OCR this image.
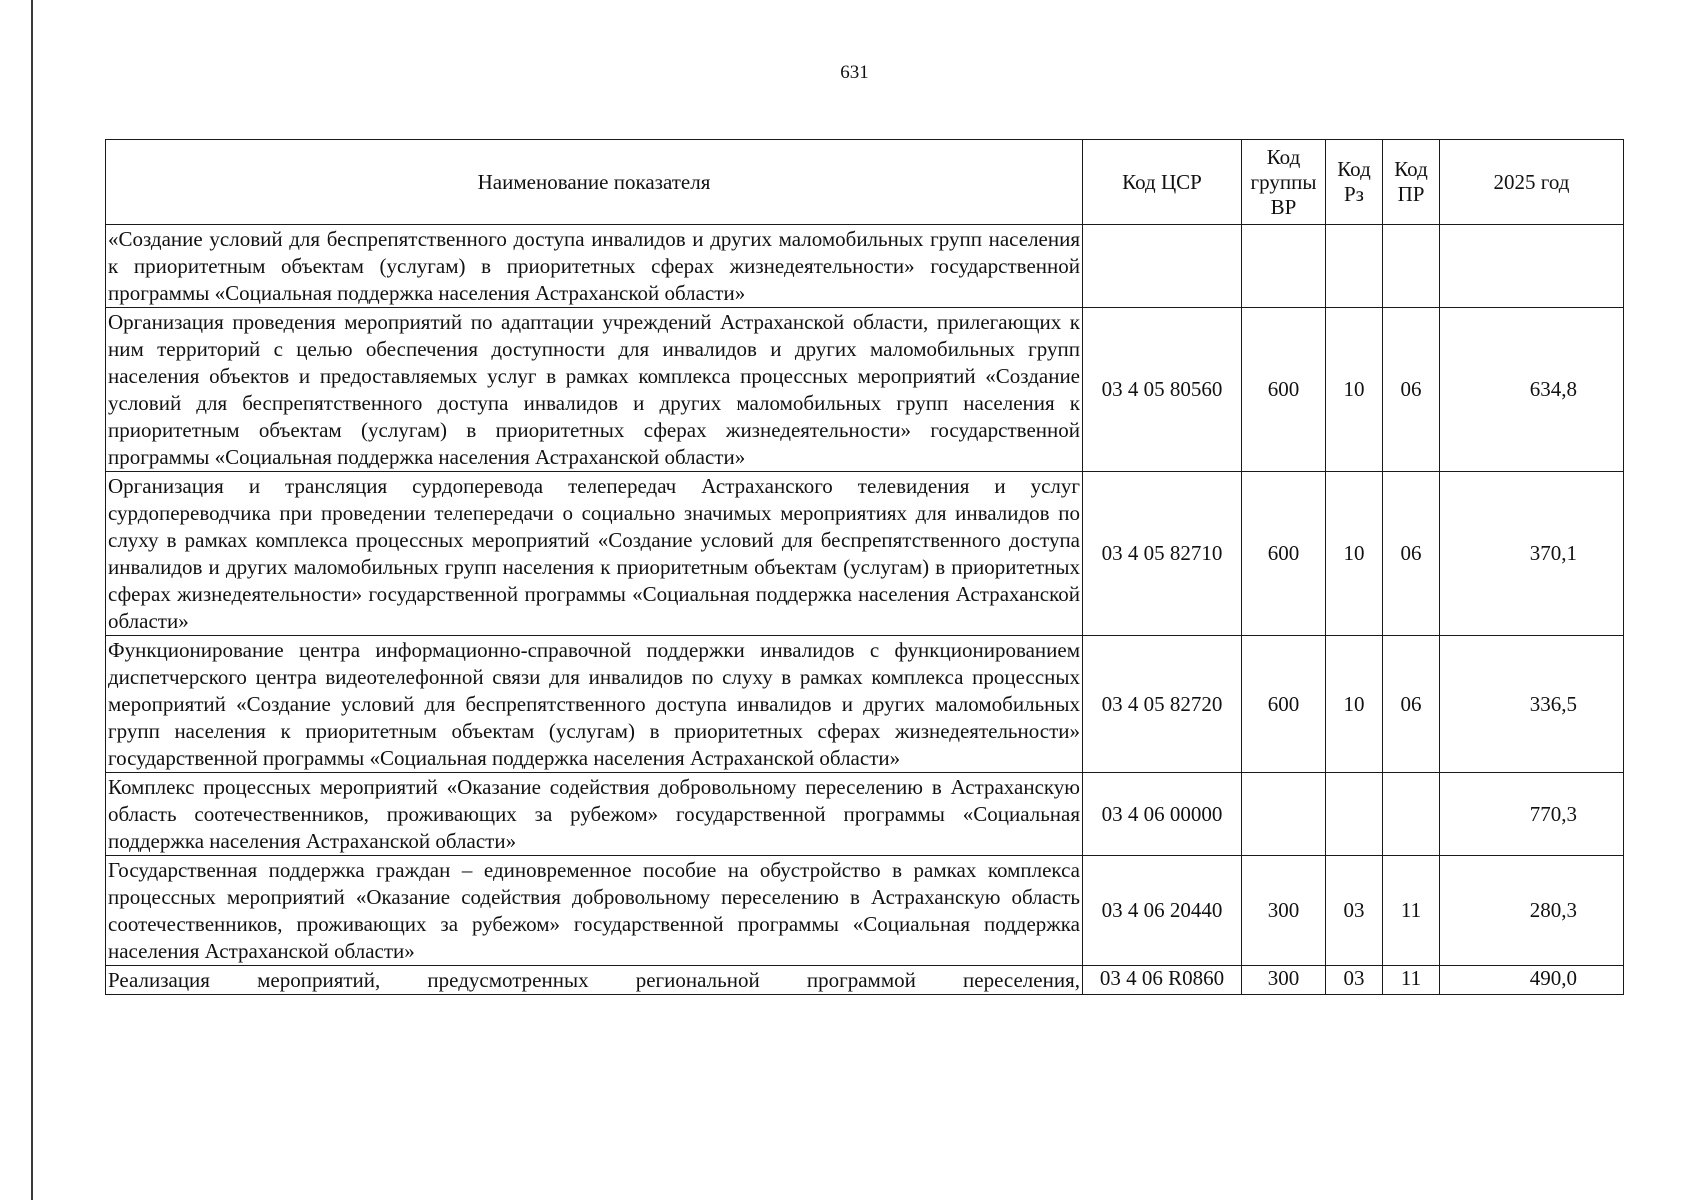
631
Наименование показателя	Код ЦСР	Код группы ВР	Код Рз	Код ПР	2025 год
«Создание условий для беспрепятственного доступа инвалидов и других маломобильных групп населения к приоритетным объектам (услугам) в приоритетных сферах жизнедеятельности» государственной программы «Социальная поддержка населения Астраханской области»					
Организация проведения мероприятий по адаптации учреждений Астраханской области, прилегающих к ним территорий с целью обеспечения доступности для инвалидов и других маломобильных групп населения объектов и предоставляемых услуг в рамках комплекса процессных мероприятий «Создание условий для беспрепятственного доступа инвалидов и других маломобильных групп населения к приоритетным объектам (услугам) в приоритетных сферах жизнедеятельности» государственной программы «Социальная поддержка населения Астраханской области»	03 4 05 80560	600	10	06	634,8
Организация и трансляция сурдоперевода телепередач Астраханского телевидения и услуг сурдопереводчика при проведении телепередачи о социально значимых мероприятиях для инвалидов по слуху в рамках комплекса процессных мероприятий «Создание условий для беспрепятственного доступа инвалидов и других маломобильных групп населения к приоритетным объектам (услугам) в приоритетных сферах жизнедеятельности» государственной программы «Социальная поддержка населения Астраханской области»	03 4 05 82710	600	10	06	370,1
Функционирование центра информационно-справочной поддержки инвалидов с функционированием диспетчерского центра видеотелефонной связи для инвалидов по слуху в рамках комплекса процессных мероприятий «Создание условий для беспрепятственного доступа инвалидов и других маломобильных групп населения к приоритетным объектам (услугам) в приоритетных сферах жизнедеятельности» государственной программы «Социальная поддержка населения Астраханской области»	03 4 05 82720	600	10	06	336,5
Комплекс процессных мероприятий «Оказание содействия добровольному переселению в Астраханскую область соотечественников, проживающих за рубежом» государственной программы «Социальная поддержка населения Астраханской области»	03 4 06 00000				770,3
Государственная поддержка граждан – единовременное пособие на обустройство в рамках комплекса процессных мероприятий «Оказание содействия добровольному переселению в Астраханскую область соотечественников, проживающих за рубежом» государственной программы «Социальная поддержка населения Астраханской области»	03 4 06 20440	300	03	11	280,3
Реализация мероприятий, предусмотренных региональной программой переселения,	03 4 06 R0860	300	03	11	490,0
